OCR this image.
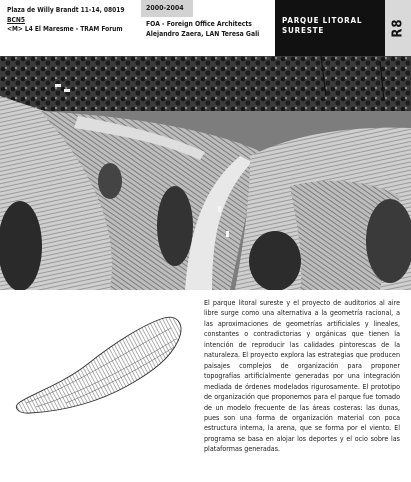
Plaza de Willy Brandt 11-14, 08019
BCN5
<M> L4 El Maresme - TRAM Forum
2000-2004
FOA - Foreign Office Architects
Alejandro Zaera, LAN Teresa Gali
PARQUE LITORAL
SURESTE	R8

El parque litoral sureste y el proyecto de auditorios al aire libre surge como una alternativa a la geometría racional, a las aproximaciones de geometrías artificiales y lineales, constantes o contradictorias y orgánicas que tienen la intención de reproducir las calidades pintorescas de la naturaleza. El proyecto explora las estrategias que producen paisajes complejos de organización para proponer topografías artificialmente generadas por una integración mediada de órdenes modelados rigurosamente. El prototipo de organización que proponemos para el parque fue tomado de un modelo frecuente de las áreas costeras: las dunas, pues son una forma de organización material con poca estructura interna, la arena, que se forma por el viento. El programa se basa en alojar los deportes y el ocio sobre las plataformas generadas.
